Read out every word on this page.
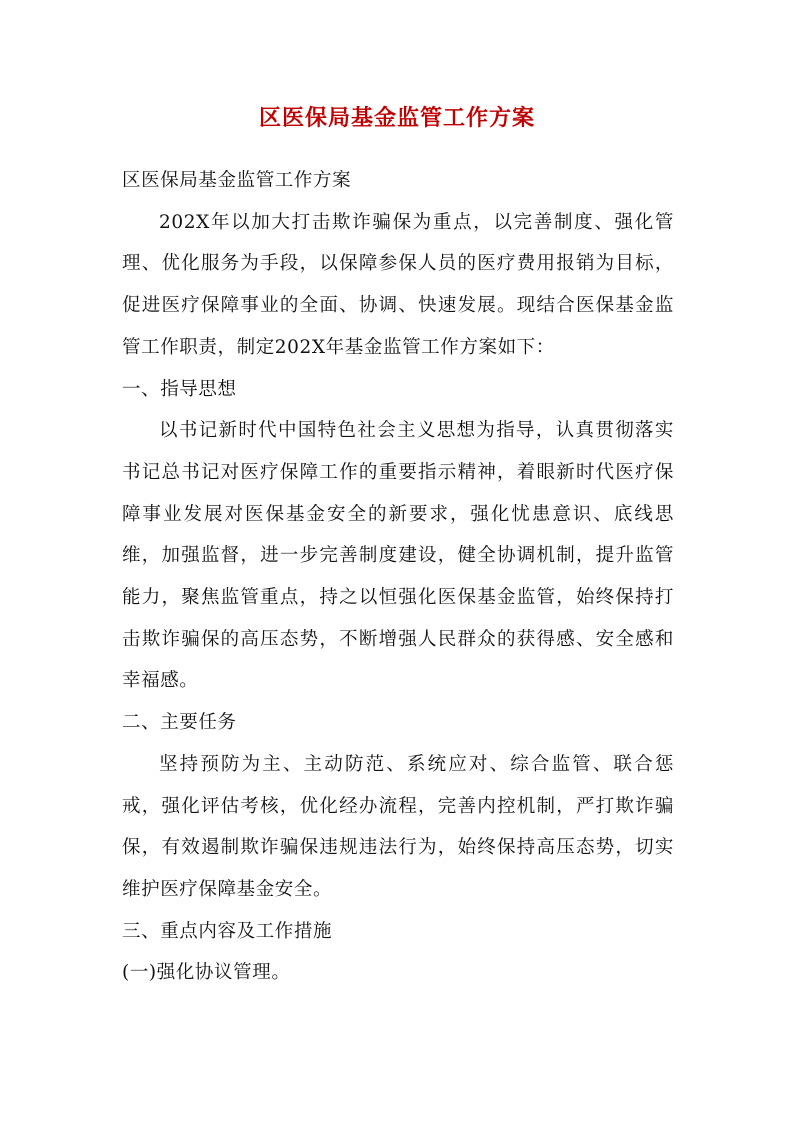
区医保局基金监管工作方案

区医保局基金监管工作方案

202X年以加大打击欺诈骗保为重点，以完善制度、强化管理、优化服务为手段，以保障参保人员的医疗费用报销为目标，促进医疗保障事业的全面、协调、快速发展。现结合医保基金监管工作职责，制定202X年基金监管工作方案如下：

一、指导思想

以书记新时代中国特色社会主义思想为指导，认真贯彻落实书记总书记对医疗保障工作的重要指示精神，着眼新时代医疗保障事业发展对医保基金安全的新要求，强化忧患意识、底线思维，加强监督，进一步完善制度建设，健全协调机制，提升监管能力，聚焦监管重点，持之以恒强化医保基金监管，始终保持打击欺诈骗保的高压态势，不断增强人民群众的获得感、安全感和幸福感。

二、主要任务

坚持预防为主、主动防范、系统应对、综合监管、联合惩戒，强化评估考核，优化经办流程，完善内控机制，严打欺诈骗保，有效遏制欺诈骗保违规违法行为，始终保持高压态势，切实维护医疗保障基金安全。

三、重点内容及工作措施

(一)强化协议管理。
